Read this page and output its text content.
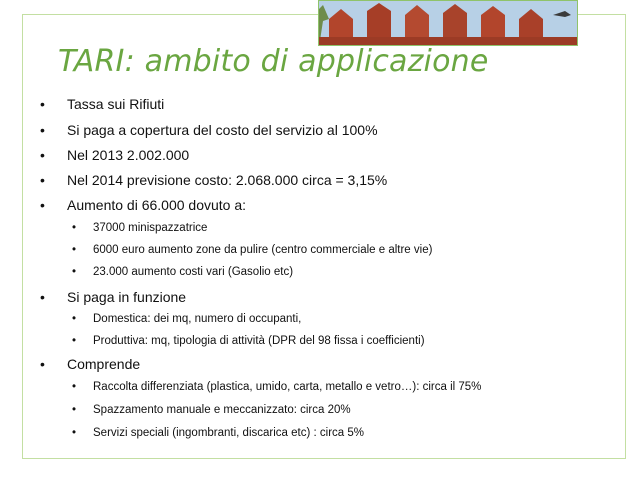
TARI: ambito di applicazione
• Tassa sui Rifiuti
• Si paga a copertura del costo del servizio al 100%
• Nel 2013 2.002.000
• Nel 2014 previsione costo: 2.068.000 circa = 3,15%
• Aumento di 66.000 dovuto a:
• 37000 minispazzatrice
• 6000 euro aumento zone da pulire (centro commerciale e altre vie)
• 23.000 aumento costi vari (Gasolio etc)
• Si paga in funzione
• Domestica: dei mq, numero di occupanti,
• Produttiva: mq, tipologia di attività (DPR del 98 fissa i coefficienti)
• Comprende
• Raccolta differenziata (plastica, umido, carta, metallo e vetro…): circa il 75%
• Spazzamento manuale e meccanizzato: circa 20%
• Servizi speciali (ingombranti, discarica etc) : circa 5%
